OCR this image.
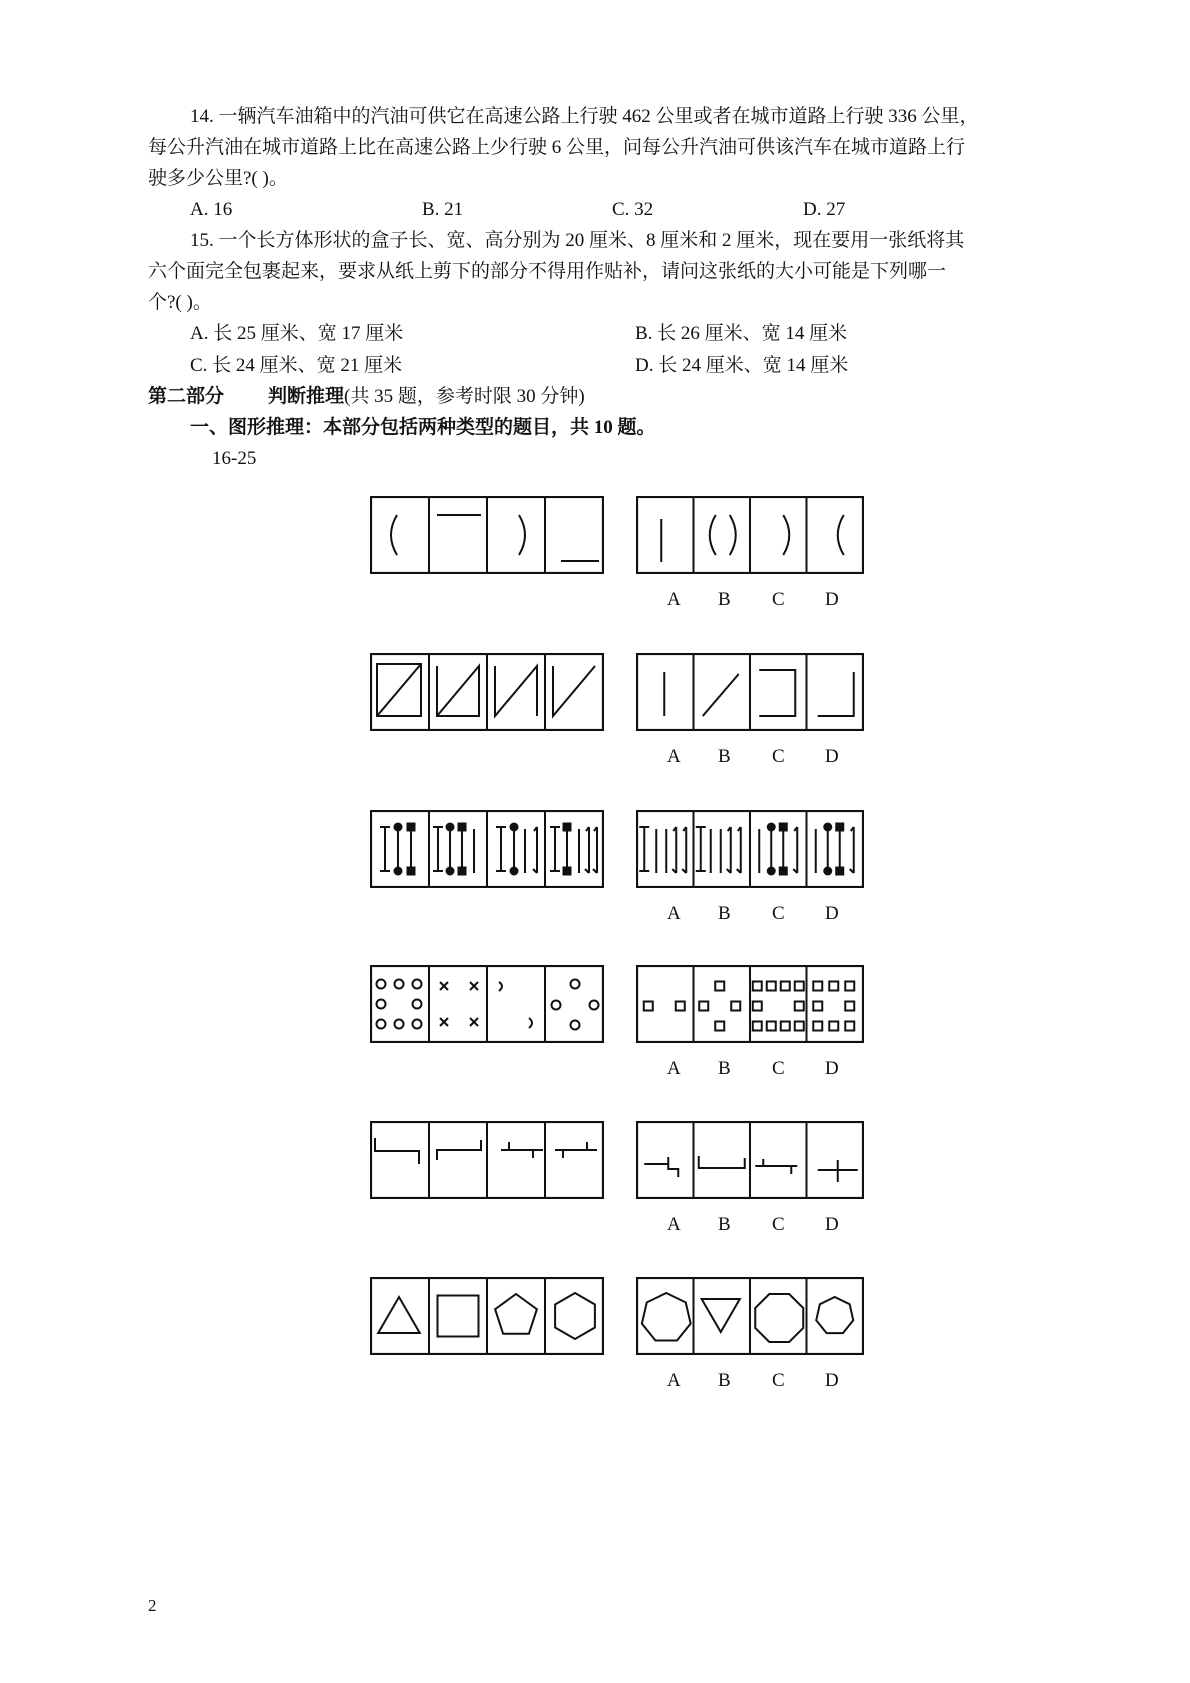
14. 一辆汽车油箱中的汽油可供它在高速公路上行驶 462 公里或者在城市道路上行驶 336 公里，
每公升汽油在城市道路上比在高速公路上少行驶 6 公里，问每公升汽油可供该汽车在城市道路上行
驶多少公里?( )。
A. 16	B. 21	C. 32	D. 27
15. 一个长方体形状的盒子长、宽、高分别为 20 厘米、8 厘米和 2 厘米，现在要用一张纸将其
六个面完全包裹起来，要求从纸上剪下的部分不得用作贴补，请问这张纸的大小可能是下列哪一
个?( )。
A. 长 25 厘米、宽 17 厘米	B. 长 26 厘米、宽 14 厘米
C. 长 24 厘米、宽 21 厘米	D. 长 24 厘米、宽 14 厘米
第二部分 判断推理(共 35 题，参考时限 30 分钟)
一、图形推理：本部分包括两种类型的题目，共 10 题。
16-25
A B C D
A B C D
A B C D
A B C D
A B C D
A B C D
2
